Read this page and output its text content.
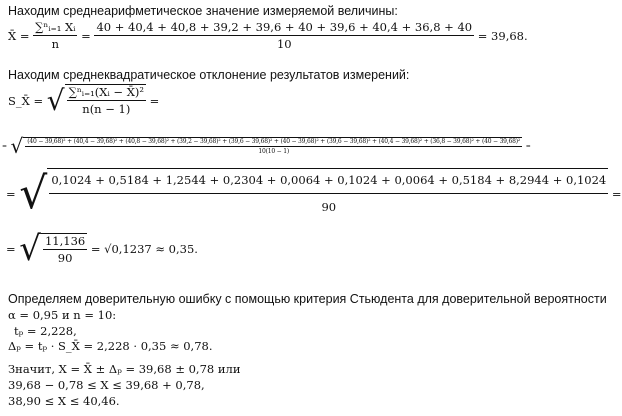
Находим среднеарифметическое значение измеряемой величины:
X̄ = $\frac{\text{∑ⁿᵢ₌₁ Xᵢ}}{n}$ =
40 + 40,4 + 40,8 + 39,2 + 39,6 + 40 + 39,6 + 40,4 + 36,8 + 40
10
= 39,68.
Находим среднеквадратическое отклонение результатов измерений:
S_X̄ = √ $\frac{\text{∑ⁿᵢ₌₁(Xᵢ − X̄)²}}{n(n - 1)}$ =
= √ (40 − 39,68)² + (40,4 − 39,68)² + (40,8 − 39,68)² + (39,2 − 39,68)² + (39,6 − 39,68)² + (40 − 39,68)² + (39,6 − 39,68)² + (40,4 − 39,68)² + (36,8 − 39,68)² + (40 − 39,68)²
10(10 − 1)
=
= √ 0,1024 + 0,5184 + 1,2544 + 0,2304 + 0,0064 + 0,1024 + 0,0064 + 0,5184 + 8,2944 + 0,1024
90
=
= √ $\frac{11,136}{90} = √0,1237 \approx 0,35$.
Определяем доверительную ошибку с помощью критерия Стьюдента для доверительной вероятности
α = 0,95 и n = 10:
tₚ = 2,228,
Δₚ = tₚ · S_X̄ = 2,228 · 0,35 ≈ 0,78.
Значит, X = X̄ ± Δₚ = 39,68 ± 0,78 или
39,68 − 0,78 ≤ X ≤ 39,68 + 0,78,
38,90 ≤ X ≤ 40,46.
